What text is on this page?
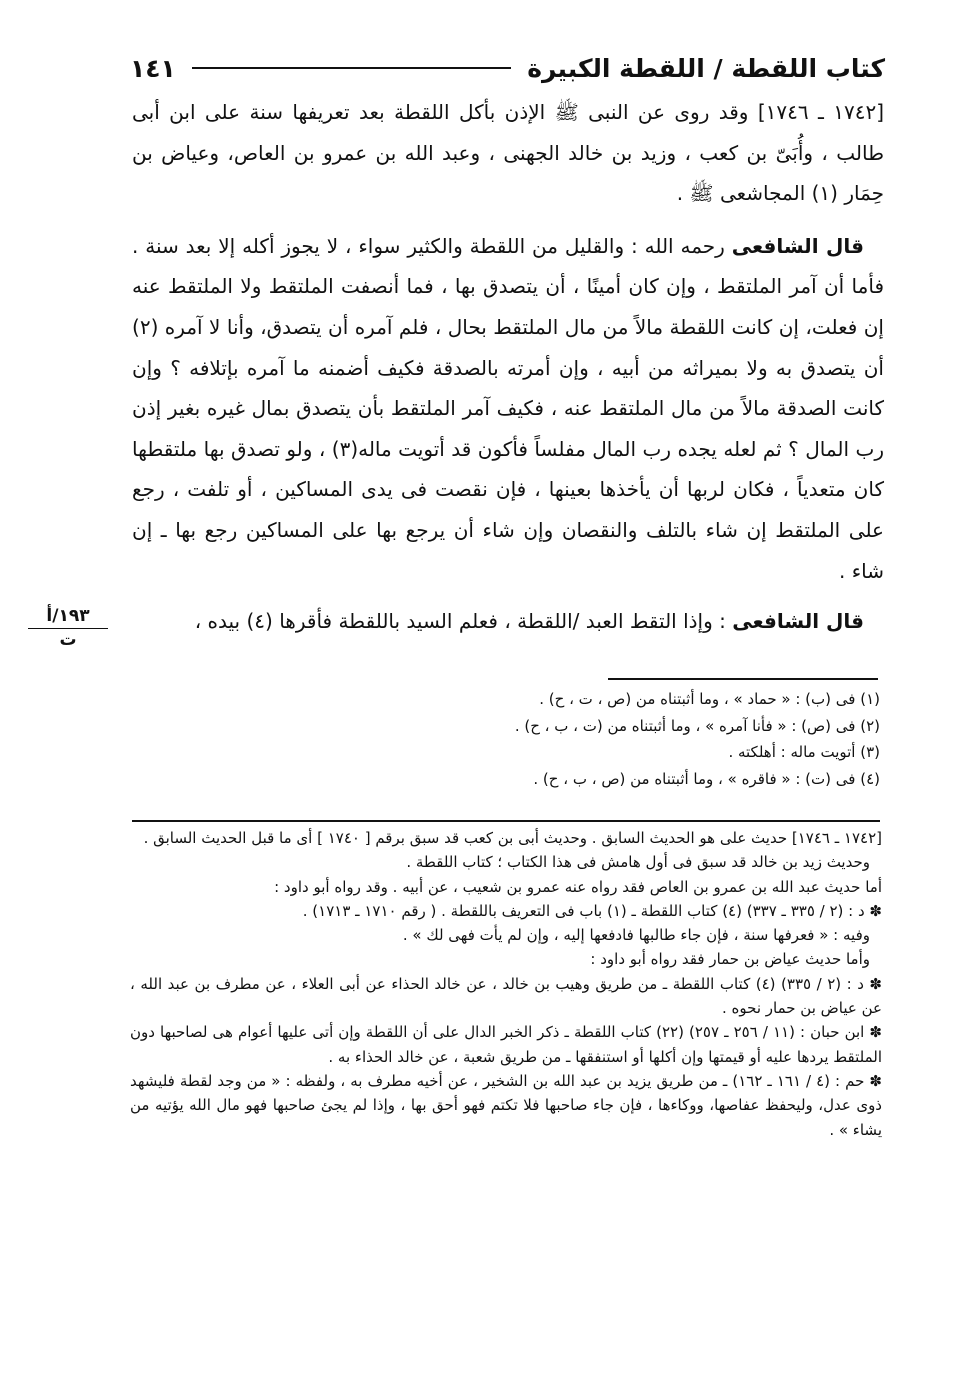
كتاب اللقطة / اللقطة الكبيرة
١٤١

[١٧٤٢ ـ ١٧٤٦] وقد روى عن النبى ﷺ الإذن بأكل اللقطة بعد تعريفها سنة على ابن أبى طالب ، وأُبَىّ بن كعب ، وزيد بن خالد الجهنى ، وعبد الله بن عمرو بن العاص، وعياض بن حِمَار (١) المجاشعى ﷺ .

قال الشافعى رحمه الله : والقليل من اللقطة والكثير سواء ، لا يجوز أكله إلا بعد سنة . فأما أن آمر الملتقط ، وإن كان أمينًا ، أن يتصدق بها ، فما أنصفت الملتقط ولا الملتقط عنه إن فعلت، إن كانت اللقطة مالاً من مال الملتقط بحال ، فلم آمره أن يتصدق، وأنا لا آمره (٢) أن يتصدق به ولا بميراثه من أبيه ، وإن أمرته بالصدقة فكيف أضمنه ما آمره بإتلافه ؟ وإن كانت الصدقة مالاً من مال الملتقط عنه ، فكيف آمر الملتقط بأن يتصدق بمال غيره بغير إذن رب المال ؟ ثم لعله يجده رب المال مفلساً فأكون قد أتويت ماله(٣) ، ولو تصدق بها ملتقطها كان متعدياً ، فكان لربها أن يأخذها بعينها ، فإن نقصت فى يدى المساكين ، أو تلفت ، رجع على الملتقط إن شاء بالتلف والنقصان وإن شاء أن يرجع بها على المساكين رجع بها ـ إن شاء .

قال الشافعى : وإذا التقط العبد /اللقطة ، فعلم السيد باللقطة فأقرها (٤) بيده ،

١٩٣/أ
ت
(١) فى (ب) : « حماد » ، وما أثبتناه من (ص ، ت ، ح) .
(٢) فى (ص) : « فأنا آمره » ، وما أثبتناه من (ت ، ب ، ح) .
(٣) أتويت ماله : أهلكته .
(٤) فى (ت) : « فاقره » ، وما أثبتناه من (ص ، ب ، ح) .
[١٧٤٢ ـ ١٧٤٦] حديث على هو الحديث السابق . وحديث أبى بن كعب قد سبق برقم [ ١٧٤٠ ] أى ما قبل الحديث السابق .
وحديث زيد بن خالد قد سبق فى أول هامش فى هذا الكتاب ؛ كتاب اللقطة .
أما حديث عبد الله بن عمرو بن العاص فقد رواه عنه عمرو بن شعيب ، عن أبيه . وقد رواه أبو داود :
✽ د : (٢ / ٣٣٥ ـ ٣٣٧) (٤) كتاب اللقطة ـ (١) باب فى التعريف باللقطة . ( رقم ١٧١٠ ـ ١٧١٣) .
وفيه : « فعرفها سنة ، فإن جاء طالبها فادفعها إليه ، وإن لم يأت فهى لك » .
وأما حديث عياض بن حمار فقد رواه أبو داود :
✽ د : (٢ / ٣٣٥) (٤) كتاب اللقطة ـ من طريق وهيب بن خالد ، عن خالد الحذاء عن أبى العلاء ، عن مطرف بن عبد الله ، عن عياض بن حمار نحوه .
✽ ابن حبان : (١١ / ٢٥٦ ـ ٢٥٧) (٢٢) كتاب اللقطة ـ ذكر الخبر الدال على أن اللقطة وإن أتى عليها أعوام هى لصاحبها دون الملتقط يردها عليه أو قيمتها وإن أكلها أو استنفقها ـ من طريق شعبة ، عن خالد الحذاء به .
✽ حم : (٤ / ١٦١ ـ ١٦٢) ـ من طريق يزيد بن عبد الله بن الشخير ، عن أخيه مطرف به ، ولفظه : « من وجد لقطة فليشهد ذوى عدل، وليحفظ عفاصها، ووكاءها ، فإن جاء صاحبها فلا تكتم فهو أحق بها ، وإذا لم يجئ صاحبها فهو مال الله يؤتيه من يشاء » .
